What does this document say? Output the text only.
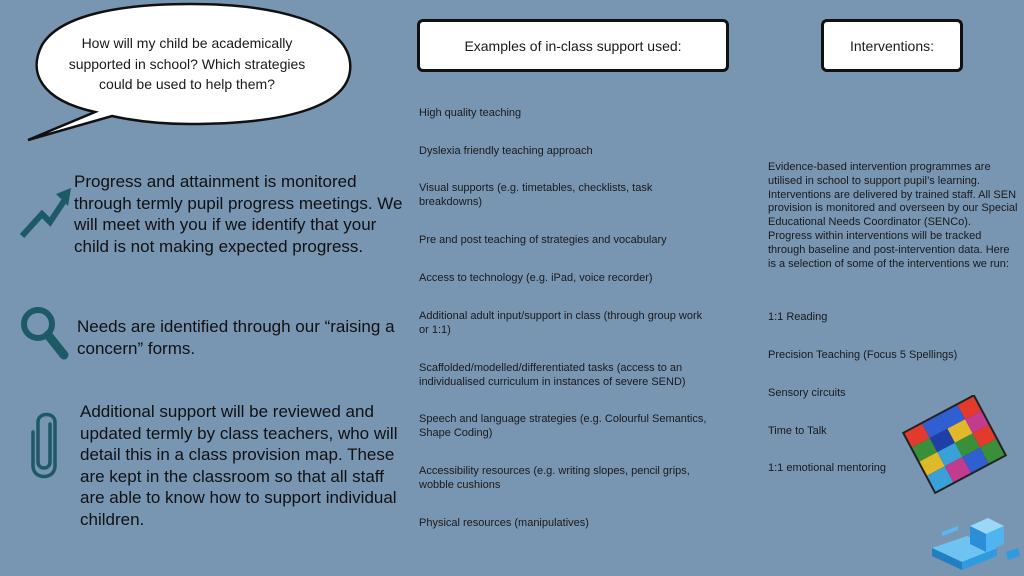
How will my child be academically supported in school? Which strategies could be used to help them?
Examples of in-class support used:	Interventions:
Progress and attainment is monitored through termly pupil progress meetings. We will meet with you if we identify that your child is not making expected progress.
Needs are identified through our “raising a concern” forms.
Additional support will be reviewed and updated termly by class teachers, who will detail this in a class provision map. These are kept in the classroom so that all staff are able to know how to support individual children.
High quality teaching
Dyslexia friendly teaching approach
Visual supports (e.g. timetables, checklists, task breakdowns)
Pre and post teaching of strategies and vocabulary
Access to technology (e.g. iPad, voice recorder)
Additional adult input/support in class (through group work or 1:1)
Scaffolded/modelled/differentiated tasks (access to an individualised curriculum in instances of severe SEND)
Speech and language strategies (e.g. Colourful Semantics, Shape Coding)
Accessibility resources (e.g. writing slopes, pencil grips, wobble cushions
Physical resources (manipulatives)
Evidence-based intervention programmes are utilised in school to support pupil’s learning. Interventions are delivered by trained staff. All SEN provision is monitored and overseen by our Special Educational Needs Coordinator (SENCo). Progress within interventions will be tracked through baseline and post-intervention data. Here is a selection of some of the interventions we run:
1:1 Reading
Precision Teaching (Focus 5 Spellings)
Sensory circuits
Time to Talk
1:1 emotional mentoring
